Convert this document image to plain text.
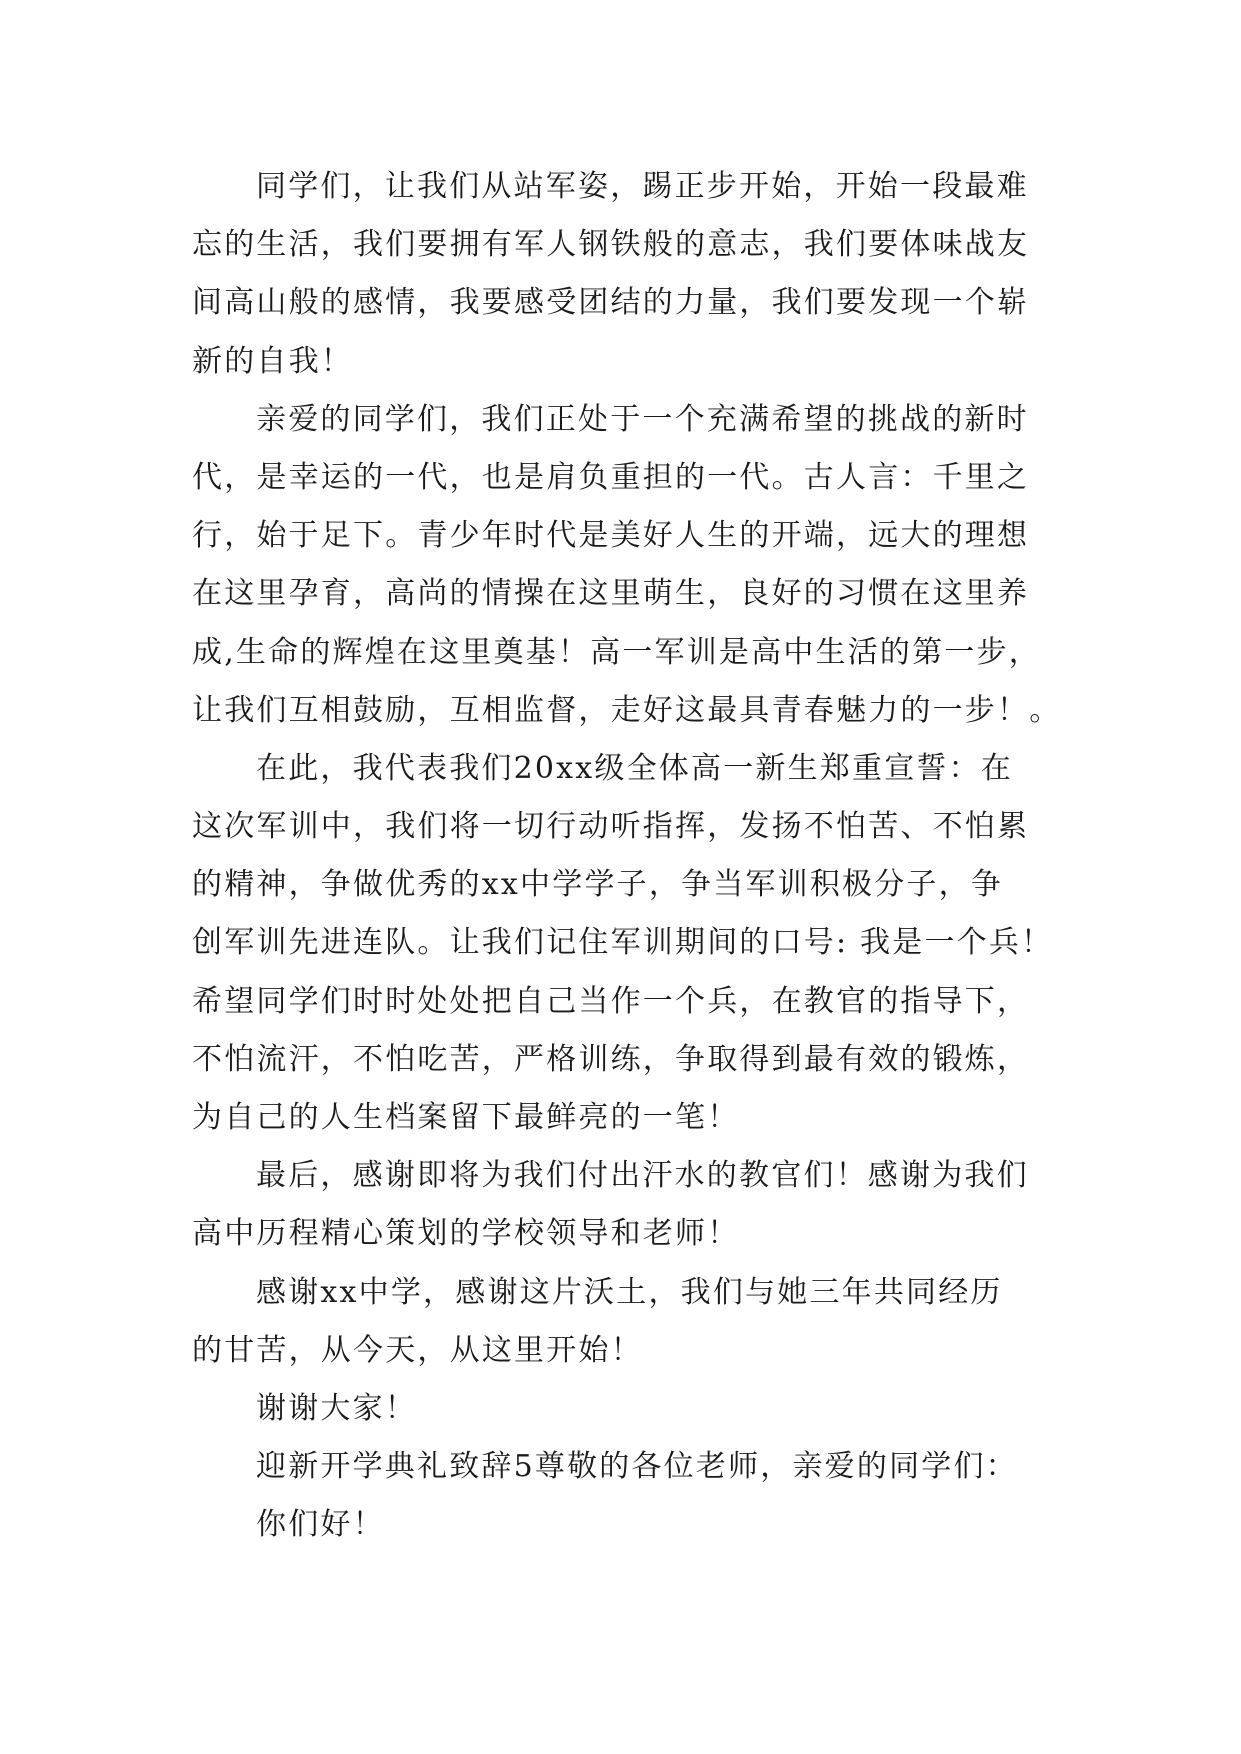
同学们，让我们从站军姿，踢正步开始，开始一段最难
忘的生活，我们要拥有军人钢铁般的意志，我们要体味战友
间高山般的感情，我要感受团结的力量，我们要发现一个崭
新的自我！
亲爱的同学们，我们正处于一个充满希望的挑战的新时
代，是幸运的一代，也是肩负重担的一代。古人言：千里之
行，始于足下。青少年时代是美好人生的开端，远大的理想
在这里孕育，高尚的情操在这里萌生，良好的习惯在这里养
成,生命的辉煌在这里奠基！高一军训是高中生活的第一步，
让我们互相鼓励，互相监督，走好这最具青春魅力的一步！。
在此，我代表我们20xx级全体高一新生郑重宣誓：在
这次军训中，我们将一切行动听指挥，发扬不怕苦、不怕累
的精神，争做优秀的xx中学学子，争当军训积极分子，争
创军训先进连队。让我们记住军训期间的口号: 我是一个兵！
希望同学们时时处处把自己当作一个兵，在教官的指导下，
不怕流汗，不怕吃苦，严格训练，争取得到最有效的锻炼，
为自己的人生档案留下最鲜亮的一笔！
最后，感谢即将为我们付出汗水的教官们！感谢为我们
高中历程精心策划的学校领导和老师！
感谢xx中学，感谢这片沃土，我们与她三年共同经历
的甘苦，从今天，从这里开始！
谢谢大家！
迎新开学典礼致辞5尊敬的各位老师，亲爱的同学们：
你们好！
